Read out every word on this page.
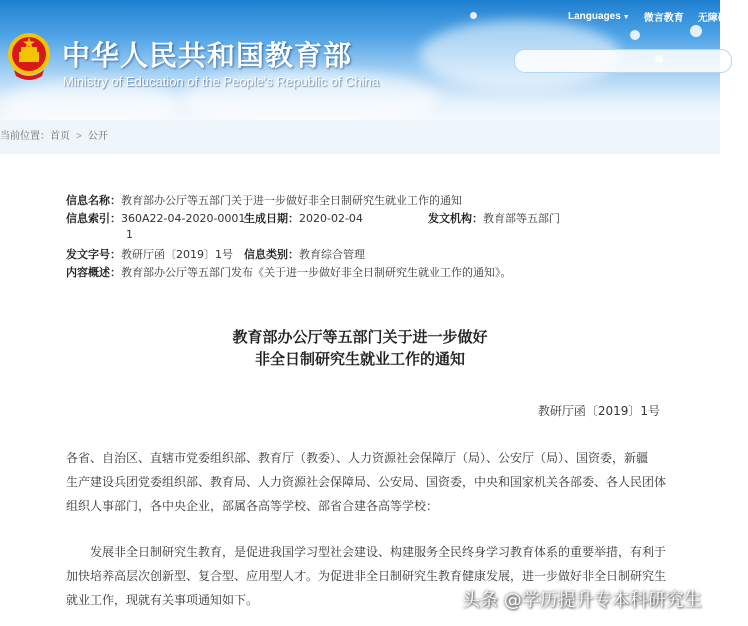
中华人民共和国教育部
Ministry of Education of the People's Republic of China
Languages ▼ 微言教育 无障碍浏览
当前位置：首页 > 公开
信息名称：教育部办公厅等五部门关于进一步做好非全日制研究生就业工作的通知
信息索引：360A22-04-2020-0001-
生成日期：2020-02-04	发文机构：教育部等五部门
1
发文字号：教研厅函〔2019〕1号 信息类别：教育综合管理
内容概述：教育部办公厅等五部门发布《关于进一步做好非全日制研究生就业工作的通知》。
教育部办公厅等五部门关于进一步做好
非全日制研究生就业工作的通知
教研厅函〔2019〕1号
各省、自治区、直辖市党委组织部、教育厅（教委）、人力资源社会保障厅（局）、公安厅（局）、国资委，新疆
生产建设兵团党委组织部、教育局、人力资源社会保障局、公安局、国资委，中央和国家机关各部委、各人民团体
组织人事部门，各中央企业，部属各高等学校、部省合建各高等学校：
　　发展非全日制研究生教育，是促进我国学习型社会建设、构建服务全民终身学习教育体系的重要举措，有利于
加快培养高层次创新型、复合型、应用型人才。为促进非全日制研究生教育健康发展，进一步做好非全日制研究生
就业工作，现就有关事项通知如下。	头条 @学历提升专本科研究生
